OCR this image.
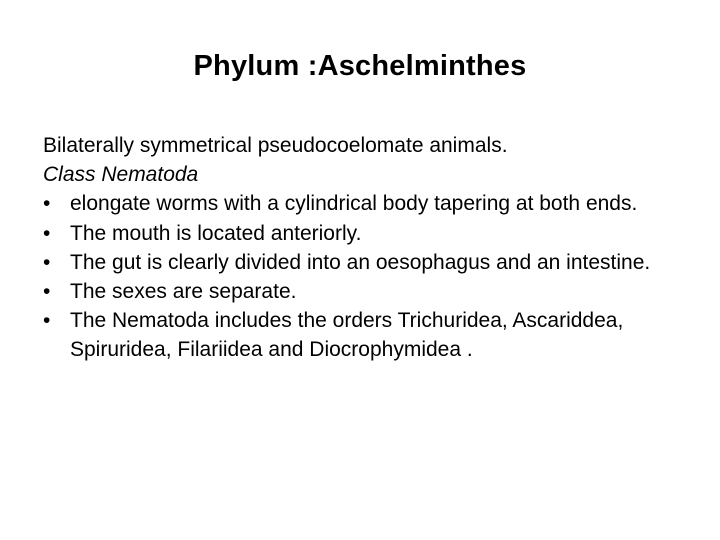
Phylum :Aschelminthes
Bilaterally symmetrical pseudocoelomate animals.
Class Nematoda
• elongate worms with a cylindrical body tapering at both ends.
• The mouth is located anteriorly.
• The gut is clearly divided into an oesophagus and an intestine.
• The sexes are separate.
• The Nematoda includes the orders Trichuridea, Ascariddea, Spiruridea, Filariidea and Diocrophymidea .
